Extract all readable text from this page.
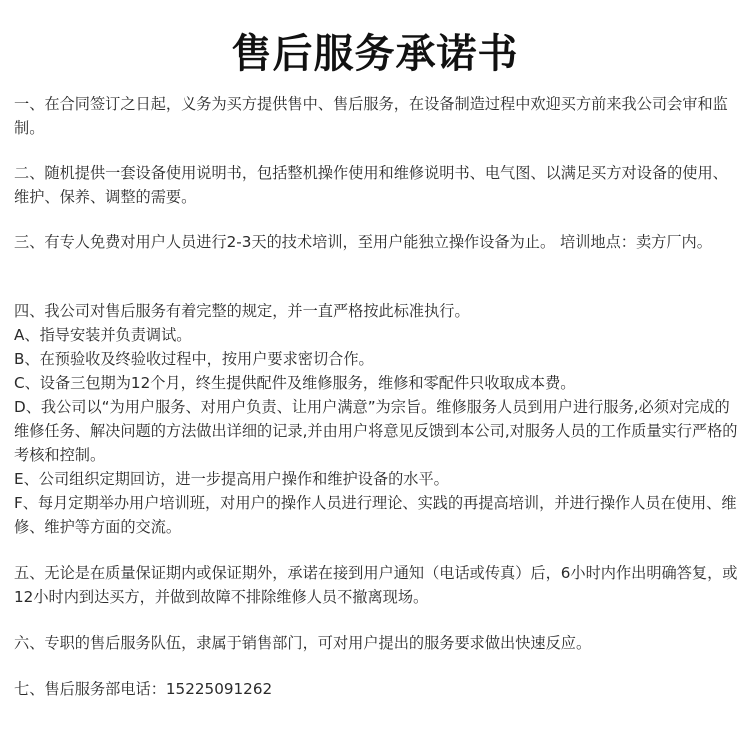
售后服务承诺书

一、在合同签订之日起，义务为买方提供售中、售后服务，在设备制造过程中欢迎买方前来我公司会审和监制。

二、随机提供一套设备使用说明书，包括整机操作使用和维修说明书、电气图、以满足买方对设备的使用、维护、保养、调整的需要。

三、有专人免费对用户人员进行2-3天的技术培训，至用户能独立操作设备为止。 培训地点：卖方厂内。

四、我公司对售后服务有着完整的规定，并一直严格按此标准执行。

A、指导安装并负责调试。

B、在预验收及终验收过程中，按用户要求密切合作。

C、设备三包期为12个月，终生提供配件及维修服务，维修和零配件只收取成本费。

D、我公司以“为用户服务、对用户负责、让用户满意”为宗旨。维修服务人员到用户进行服务,必须对完成的维修任务、解决问题的方法做出详细的记录,并由用户将意见反馈到本公司,对服务人员的工作质量实行严格的考核和控制。

E、公司组织定期回访，进一步提高用户操作和维护设备的水平。

F、每月定期举办用户培训班，对用户的操作人员进行理论、实践的再提高培训，并进行操作人员在使用、维修、维护等方面的交流。

五、无论是在质量保证期内或保证期外，承诺在接到用户通知（电话或传真）后，6小时内作出明确答复，或12小时内到达买方，并做到故障不排除维修人员不撤离现场。

六、专职的售后服务队伍，隶属于销售部门，可对用户提出的服务要求做出快速反应。

七、售后服务部电话：15225091262
